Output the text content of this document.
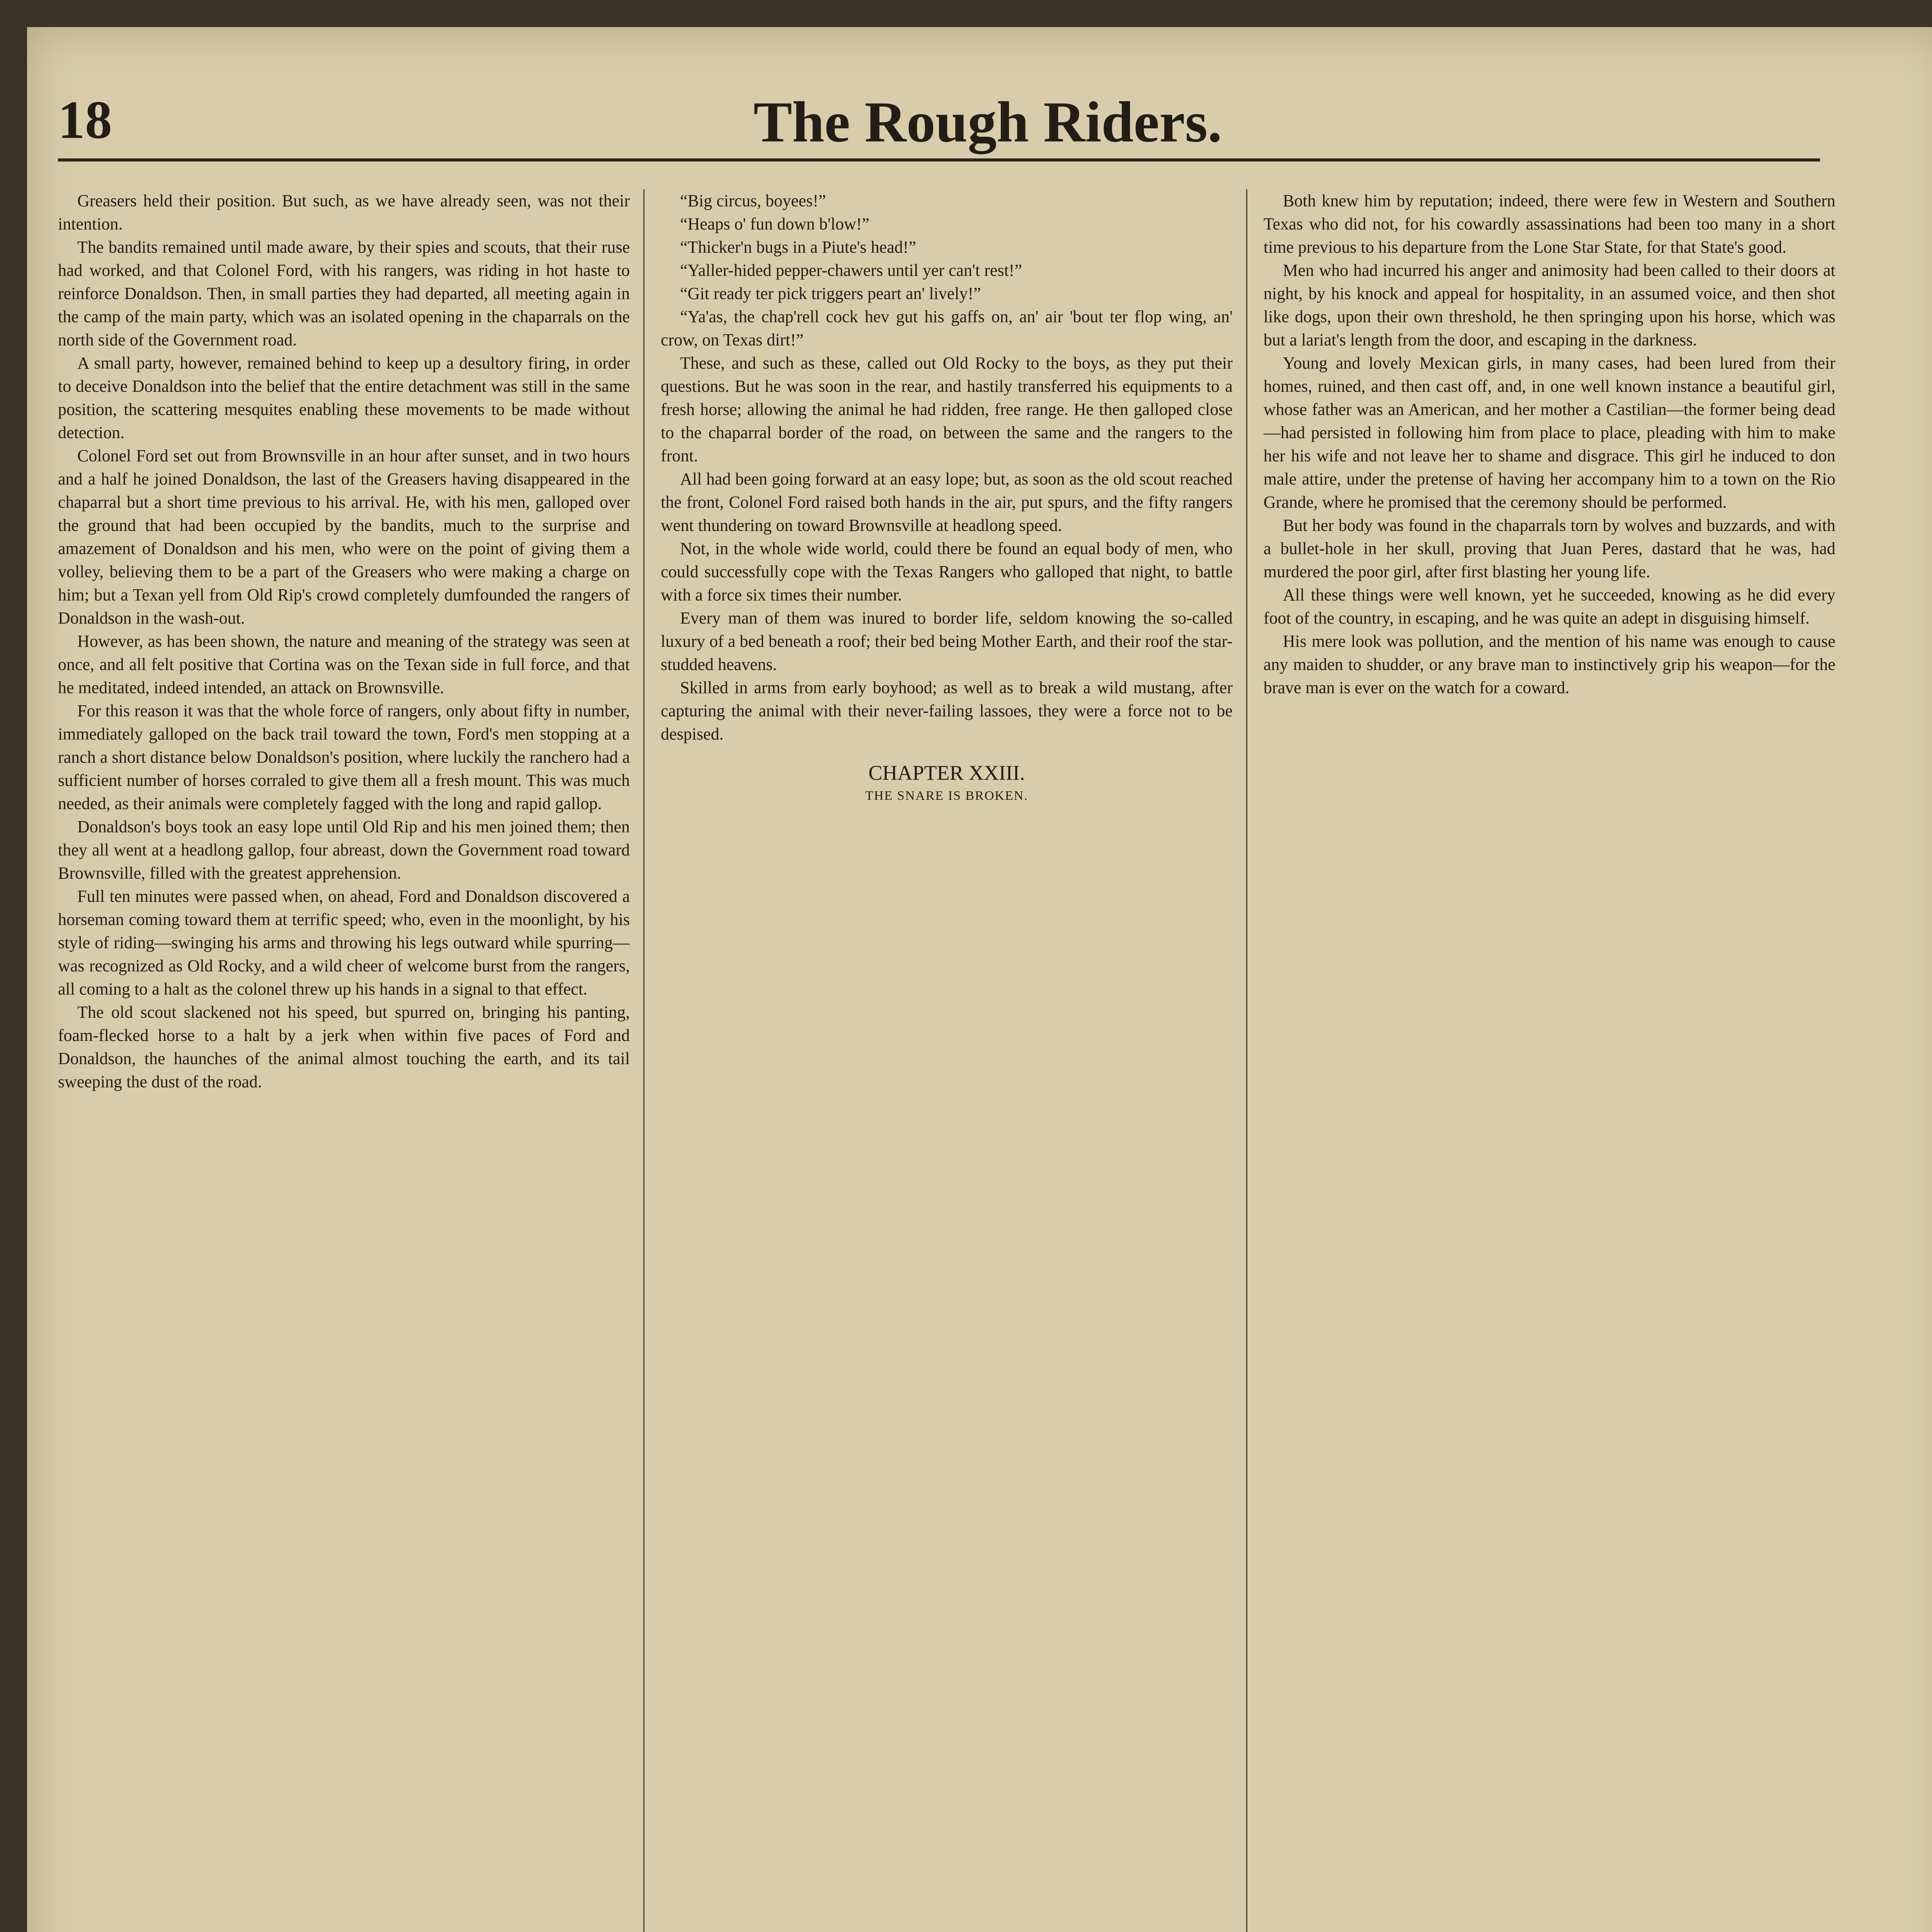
18	The Rough Riders.

Greasers held their position. But such, as we have already seen, was not their intention.

The bandits remained until made aware, by their spies and scouts, that their ruse had worked, and that Colonel Ford, with his rangers, was riding in hot haste to reinforce Donaldson. Then, in small parties they had departed, all meeting again in the camp of the main party, which was an isolated opening in the chaparrals on the north side of the Government road.

A small party, however, remained behind to keep up a desultory firing, in order to deceive Donaldson into the belief that the entire detachment was still in the same position, the scattering mesquites enabling these movements to be made without detection.

Colonel Ford set out from Brownsville in an hour after sunset, and in two hours and a half he joined Donaldson, the last of the Greasers having disappeared in the chaparral but a short time previous to his arrival. He, with his men, galloped over the ground that had been occupied by the bandits, much to the surprise and amazement of Donaldson and his men, who were on the point of giving them a volley, believing them to be a part of the Greasers who were making a charge on him; but a Texan yell from Old Rip's crowd completely dumfounded the rangers of Donaldson in the wash-out.

However, as has been shown, the nature and meaning of the strategy was seen at once, and all felt positive that Cortina was on the Texan side in full force, and that he meditated, indeed intended, an attack on Brownsville.

For this reason it was that the whole force of rangers, only about fifty in number, immediately galloped on the back trail toward the town, Ford's men stopping at a ranch a short distance below Donaldson's position, where luckily the ranchero had a sufficient number of horses corraled to give them all a fresh mount. This was much needed, as their animals were completely fagged with the long and rapid gallop.

Donaldson's boys took an easy lope until Old Rip and his men joined them; then they all went at a headlong gallop, four abreast, down the Government road toward Brownsville, filled with the greatest apprehension.

Full ten minutes were passed when, on ahead, Ford and Donaldson discovered a horseman coming toward them at terrific speed; who, even in the moonlight, by his style of riding—swinging his arms and throwing his legs outward while spurring—was recognized as Old Rocky, and a wild cheer of welcome burst from the rangers, all coming to a halt as the colonel threw up his hands in a signal to that effect.

The old scout slackened not his speed, but spurred on, bringing his panting, foam-flecked horse to a halt by a jerk when within five paces of Ford and Donaldson, the haunches of the animal almost touching the earth, and its tail sweeping the dust of the road.

“Big circus, boyees!”

“Heaps o' fun down b'low!”

“Thicker'n bugs in a Piute's head!”

“Yaller-hided pepper-chawers until yer can't rest!”

“Git ready ter pick triggers peart an' lively!”

“Ya'as, the chap'rell cock hev gut his gaffs on, an' air 'bout ter flop wing, an' crow, on Texas dirt!”

These, and such as these, called out Old Rocky to the boys, as they put their questions. But he was soon in the rear, and hastily transferred his equipments to a fresh horse; allowing the animal he had ridden, free range. He then galloped close to the chaparral border of the road, on between the same and the rangers to the front.

All had been going forward at an easy lope; but, as soon as the old scout reached the front, Colonel Ford raised both hands in the air, put spurs, and the fifty rangers went thundering on toward Brownsville at headlong speed.

Not, in the whole wide world, could there be found an equal body of men, who could successfully cope with the Texas Rangers who galloped that night, to battle with a force six times their number.

Every man of them was inured to border life, seldom knowing the so-called luxury of a bed beneath a roof; their bed being Mother Earth, and their roof the star-studded heavens.

Skilled in arms from early boyhood; as well as to break a wild mustang, after capturing the animal with their never-failing lassoes, they were a force not to be despised.

CHAPTER XXIII.
THE SNARE IS BROKEN.

Both knew him by reputation; indeed, there were few in Western and Southern Texas who did not, for his cowardly assassinations had been too many in a short time previous to his departure from the Lone Star State, for that State's good.

Men who had incurred his anger and animosity had been called to their doors at night, by his knock and appeal for hospitality, in an assumed voice, and then shot like dogs, upon their own threshold, he then springing upon his horse, which was but a lariat's length from the door, and escaping in the darkness.

Young and lovely Mexican girls, in many cases, had been lured from their homes, ruined, and then cast off, and, in one well known instance a beautiful girl, whose father was an American, and her mother a Castilian—the former being dead—had persisted in following him from place to place, pleading with him to make her his wife and not leave her to shame and disgrace. This girl he induced to don male attire, under the pretense of having her accompany him to a town on the Rio Grande, where he promised that the ceremony should be performed.

But her body was found in the chaparrals torn by wolves and buzzards, and with a bullet-hole in her skull, proving that Juan Peres, dastard that he was, had murdered the poor girl, after first blasting her young life.

All these things were well known, yet he succeeded, knowing as he did every foot of the country, in escaping, and he was quite an adept in disguising himself.

His mere look was pollution, and the mention of his name was enough to cause any maiden to shudder, or any brave man to instinctively grip his weapon—for the brave man is ever on the watch for a coward.
